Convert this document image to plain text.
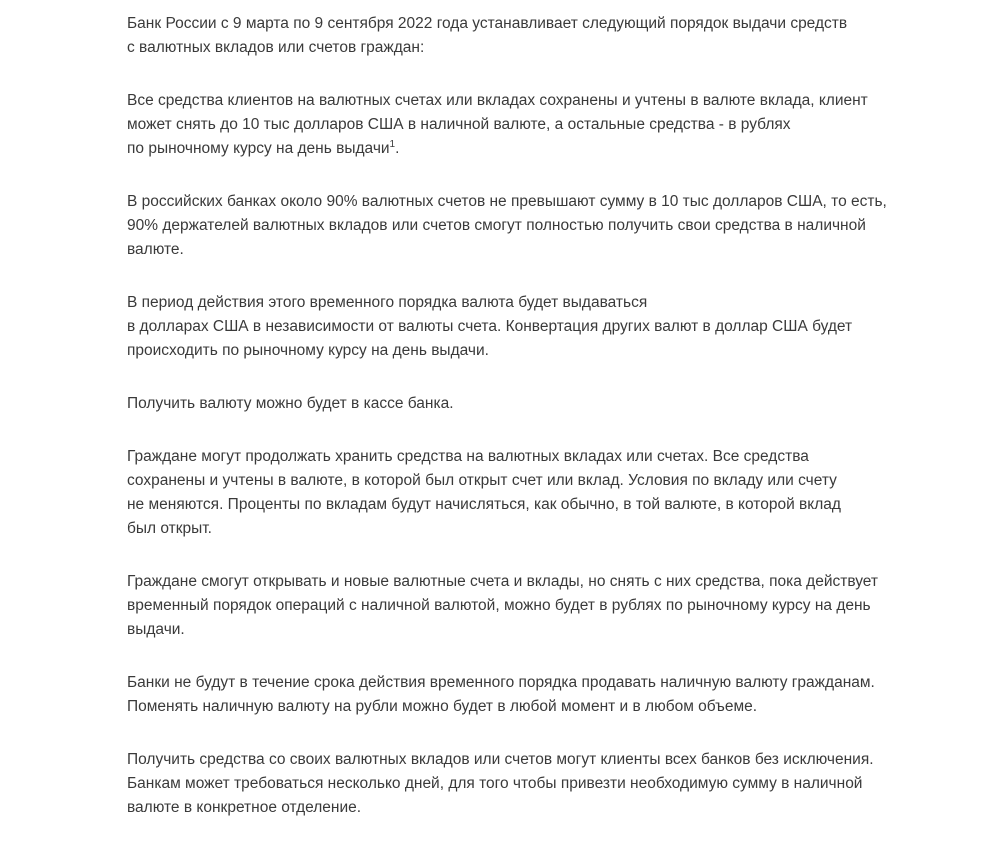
Банк России с 9 марта по 9 сентября 2022 года устанавливает следующий порядок выдачи средств
с валютных вкладов или счетов граждан:

Все средства клиентов на валютных счетах или вкладах сохранены и учтены в валюте вклада, клиент
может снять до 10 тыс долларов США в наличной валюте, а остальные средства - в рублях
по рыночному курсу на день выдачи$^1$.

В российских банках около 90% валютных счетов не превышают сумму в 10 тыс долларов США, то есть,
90% держателей валютных вкладов или счетов смогут полностью получить свои средства в наличной
валюте.

В период действия этого временного порядка валюта будет выдаваться
в долларах США в независимости от валюты счета. Конвертация других валют в доллар США будет
происходить по рыночному курсу на день выдачи.

Получить валюту можно будет в кассе банка.

Граждане могут продолжать хранить средства на валютных вкладах или счетах. Все средства
сохранены и учтены в валюте, в которой был открыт счет или вклад. Условия по вкладу или счету
не меняются. Проценты по вкладам будут начисляться, как обычно, в той валюте, в которой вклад
был открыт.

Граждане смогут открывать и новые валютные счета и вклады, но снять с них средства, пока действует
временный порядок операций с наличной валютой, можно будет в рублях по рыночному курсу на день
выдачи.

Банки не будут в течение срока действия временного порядка продавать наличную валюту гражданам.
Поменять наличную валюту на рубли можно будет в любой момент и в любом объеме.

Получить средства со своих валютных вкладов или счетов могут клиенты всех банков без исключения.
Банкам может требоваться несколько дней, для того чтобы привезти необходимую сумму в наличной
валюте в конкретное отделение.
